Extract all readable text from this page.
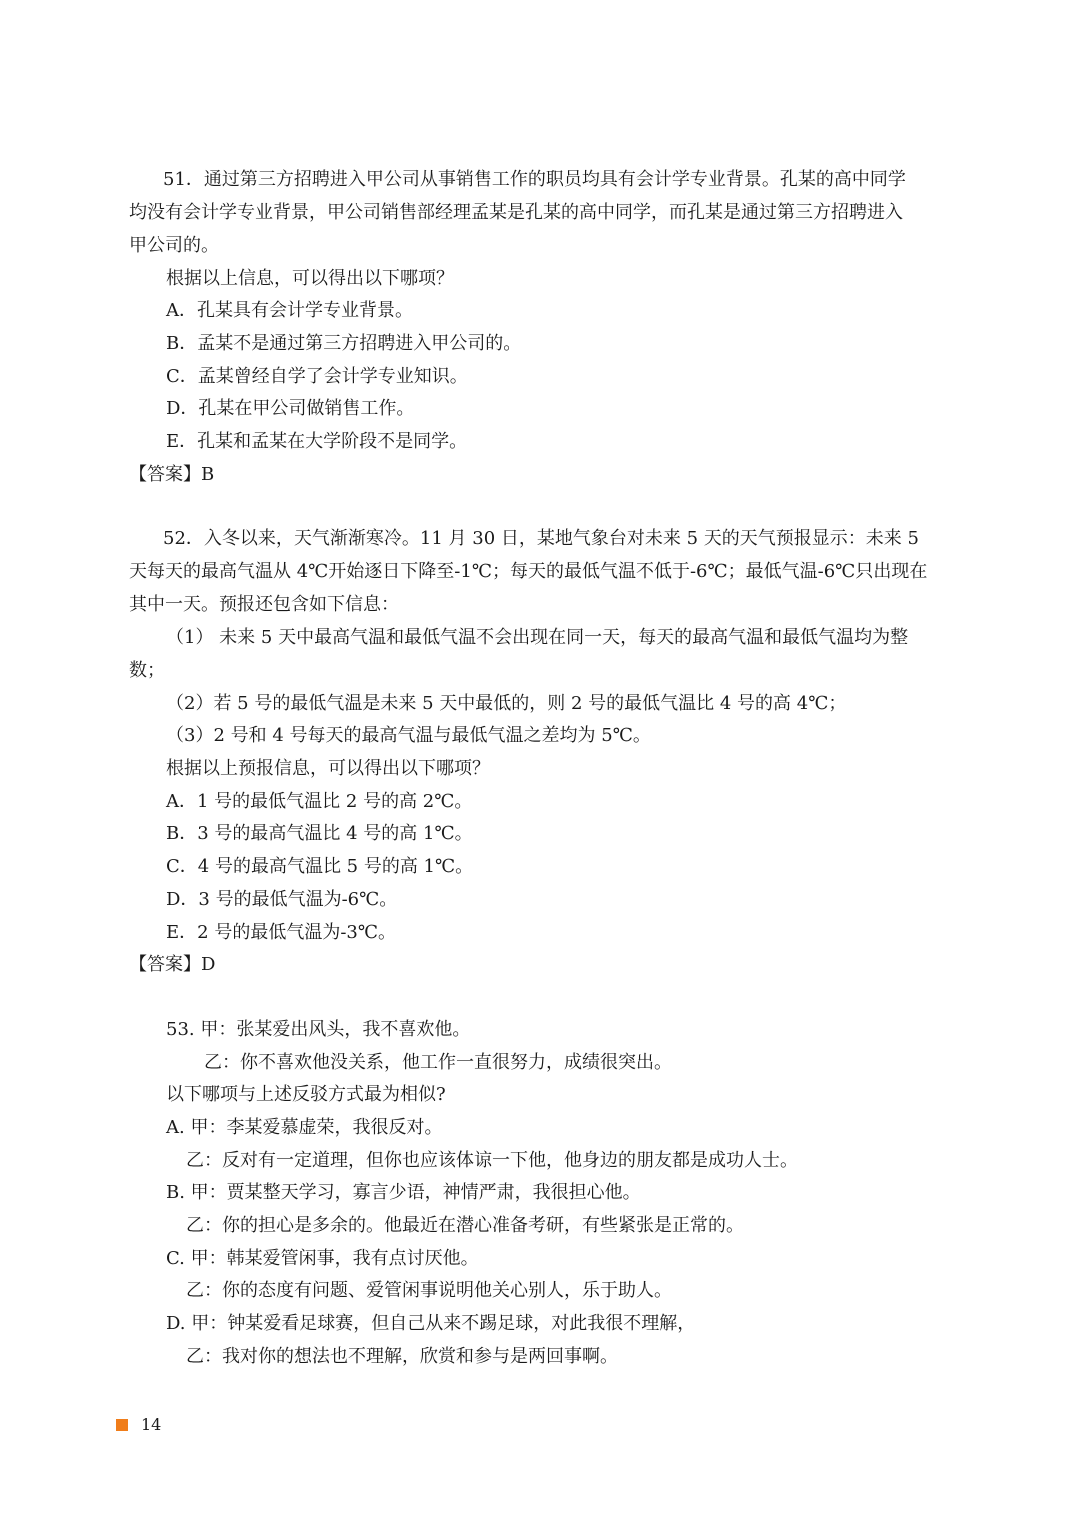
51．通过第三方招聘进入甲公司从事销售工作的职员均具有会计学专业背景。孔某的高中同学
均没有会计学专业背景，甲公司销售部经理孟某是孔某的高中同学，而孔某是通过第三方招聘进入
甲公司的。
根据以上信息，可以得出以下哪项？
A．孔某具有会计学专业背景。
B．孟某不是通过第三方招聘进入甲公司的。
C．孟某曾经自学了会计学专业知识。
D．孔某在甲公司做销售工作。
E．孔某和孟某在大学阶段不是同学。
【答案】B
52．入冬以来，天气渐渐寒冷。11 月 30 日，某地气象台对未来 5 天的天气预报显示：未来 5
天每天的最高气温从 4℃开始逐日下降至-1℃；每天的最低气温不低于-6℃；最低气温-6℃只出现在
其中一天。预报还包含如下信息：
（1） 未来 5 天中最高气温和最低气温不会出现在同一天，每天的最高气温和最低气温均为整
数；
（2）若 5 号的最低气温是未来 5 天中最低的，则 2 号的最低气温比 4 号的高 4℃；
（3）2 号和 4 号每天的最高气温与最低气温之差均为 5℃。
根据以上预报信息，可以得出以下哪项？
A．1 号的最低气温比 2 号的高 2℃。
B．3 号的最高气温比 4 号的高 1℃。
C．4 号的最高气温比 5 号的高 1℃。
D．3 号的最低气温为-6℃。
E．2 号的最低气温为-3℃。
【答案】D
53. 甲：张某爱出风头，我不喜欢他。
乙：你不喜欢他没关系，他工作一直很努力，成绩很突出。
以下哪项与上述反驳方式最为相似?
A. 甲：李某爱慕虚荣，我很反对。
乙：反对有一定道理，但你也应该体谅一下他，他身边的朋友都是成功人士。
B. 甲：贾某整天学习，寡言少语，神情严肃，我很担心他。
乙：你的担心是多余的。他最近在潜心准备考研，有些紧张是正常的。
C. 甲：韩某爱管闲事，我有点讨厌他。
乙：你的态度有问题、爱管闲事说明他关心别人，乐于助人。
D. 甲：钟某爱看足球赛，但自己从来不踢足球，对此我很不理解，
乙：我对你的想法也不理解，欣赏和参与是两回事啊。
14
